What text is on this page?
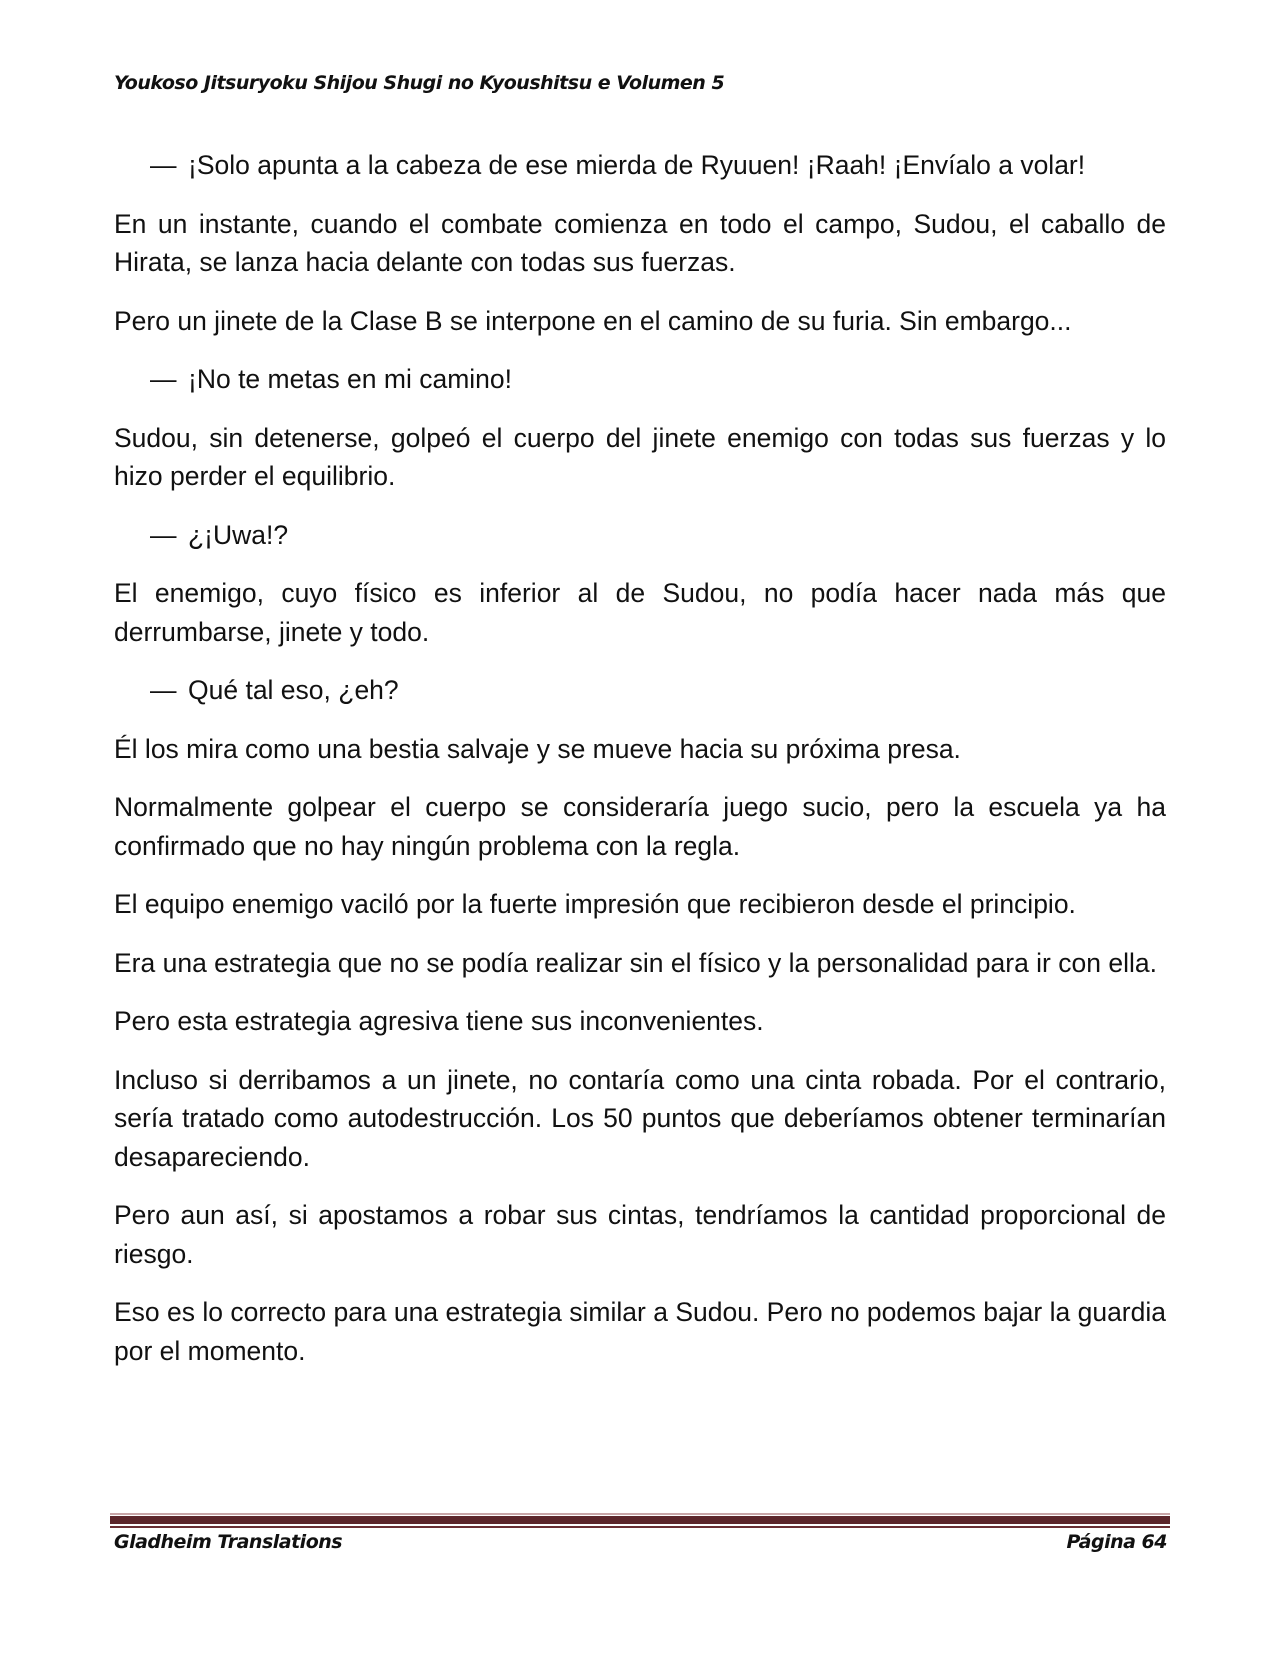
Youkoso Jitsuryoku Shijou Shugi no Kyoushitsu e Volumen 5

— ¡Solo apunta a la cabeza de ese mierda de Ryuuen! ¡Raah! ¡Envíalo a volar!

En un instante, cuando el combate comienza en todo el campo, Sudou, el caballo de Hirata, se lanza hacia delante con todas sus fuerzas.

Pero un jinete de la Clase B se interpone en el camino de su furia. Sin embargo...

— ¡No te metas en mi camino!

Sudou, sin detenerse, golpeó el cuerpo del jinete enemigo con todas sus fuerzas y lo hizo perder el equilibrio.

— ¿¡Uwa!?

El enemigo, cuyo físico es inferior al de Sudou, no podía hacer nada más que derrumbarse, jinete y todo.

— Qué tal eso, ¿eh?

Él los mira como una bestia salvaje y se mueve hacia su próxima presa.

Normalmente golpear el cuerpo se consideraría juego sucio, pero la escuela ya ha confirmado que no hay ningún problema con la regla.

El equipo enemigo vaciló por la fuerte impresión que recibieron desde el principio.

Era una estrategia que no se podía realizar sin el físico y la personalidad para ir con ella.

Pero esta estrategia agresiva tiene sus inconvenientes.

Incluso si derribamos a un jinete, no contaría como una cinta robada. Por el contrario, sería tratado como autodestrucción. Los 50 puntos que deberíamos obtener terminarían desapareciendo.

Pero aun así, si apostamos a robar sus cintas, tendríamos la cantidad proporcional de riesgo.

Eso es lo correcto para una estrategia similar a Sudou. Pero no podemos bajar la guardia por el momento.

Gladheim Translations	Página 64
